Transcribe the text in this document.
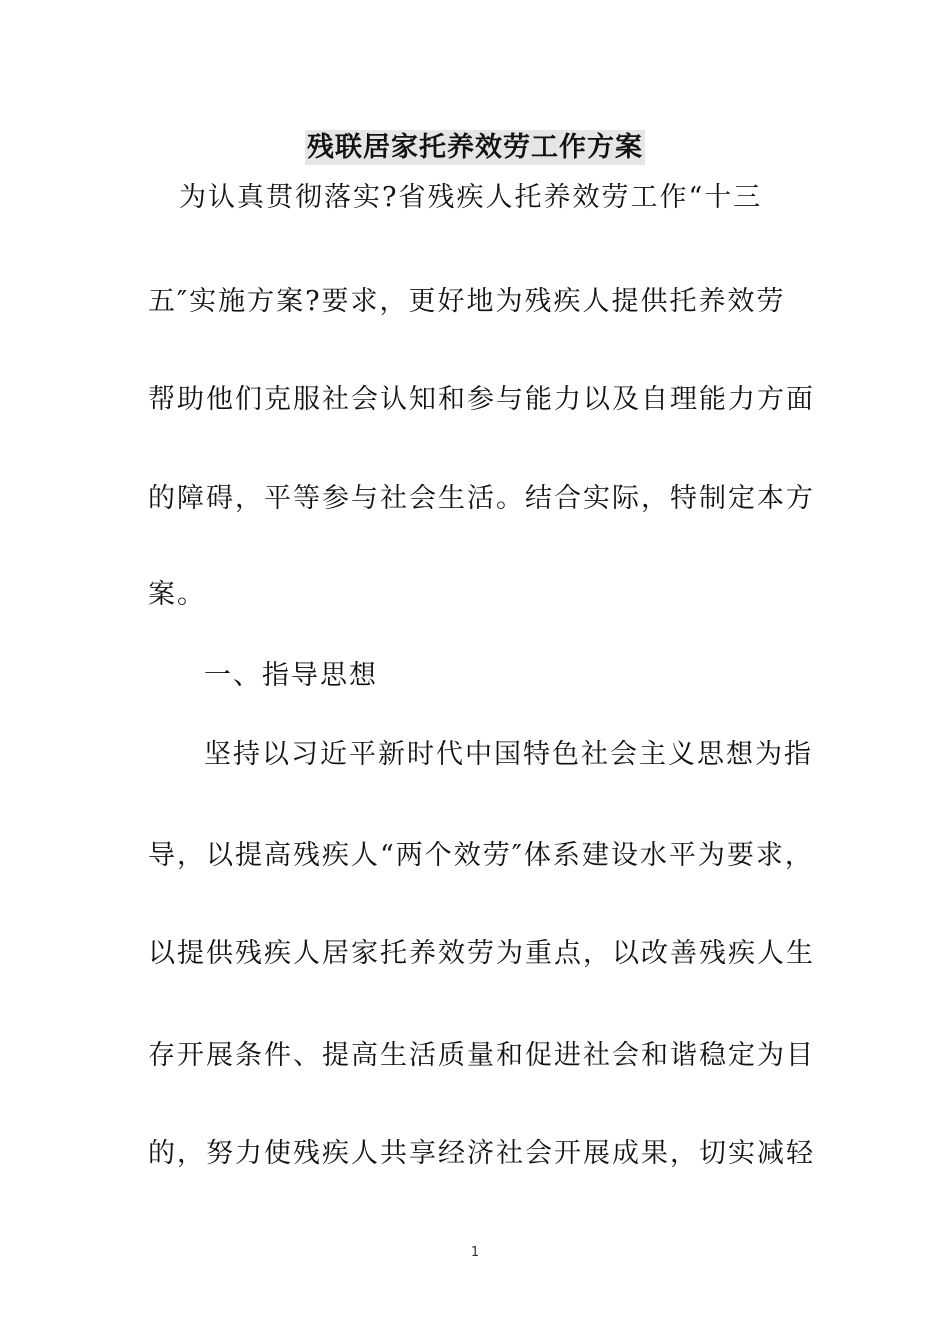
残联居家托养效劳工作方案
为认真贯彻落实?省残疾人托养效劳工作“十三
五″实施方案?要求，更好地为残疾人提供托养效劳
帮助他们克服社会认知和参与能力以及自理能力方面
的障碍，平等参与社会生活。结合实际，特制定本方
案。
一、指导思想
坚持以习近平新时代中国特色社会主义思想为指
导，以提高残疾人“两个效劳″体系建设水平为要求，
以提供残疾人居家托养效劳为重点，以改善残疾人生
存开展条件、提高生活质量和促进社会和谐稳定为目
的，努力使残疾人共享经济社会开展成果，切实减轻
1
